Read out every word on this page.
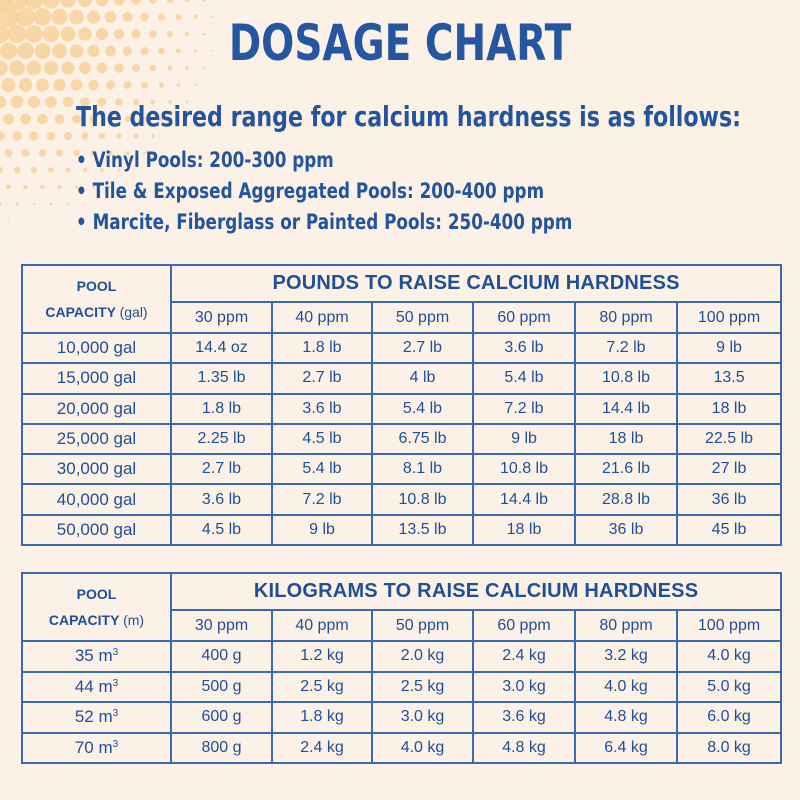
DOSAGE CHART
The desired range for calcium hardness is as follows:
• Vinyl Pools: 200-300 ppm
• Tile & Exposed Aggregated Pools: 200-400 ppm
• Marcite, Fiberglass or Painted Pools: 250-400 ppm
POOL
CAPACITY (gal)	POUNDS TO RAISE CALCIUM HARDNESS					
	30 ppm	40 ppm	50 ppm	60 ppm	80 ppm	100 ppm
10,000 gal	14.4 oz	1.8 lb	2.7 lb	3.6 lb	7.2 lb	9 lb
15,000 gal	1.35 lb	2.7 lb	4 lb	5.4 lb	10.8 lb	13.5
20,000 gal	1.8 lb	3.6 lb	5.4 lb	7.2 lb	14.4 lb	18 lb
25,000 gal	2.25 lb	4.5 lb	6.75 lb	9 lb	18 lb	22.5 lb
30,000 gal	2.7 lb	5.4 lb	8.1 lb	10.8 lb	21.6 lb	27 lb
40,000 gal	3.6 lb	7.2 lb	10.8 lb	14.4 lb	28.8 lb	36 lb
50,000 gal	4.5 lb	9 lb	13.5 lb	18 lb	36 lb	45 lb
POOL
CAPACITY (m)	KILOGRAMS TO RAISE CALCIUM HARDNESS					
	30 ppm	40 ppm	50 ppm	60 ppm	80 ppm	100 ppm
35 $m^3$	400 g	1.2 kg	2.0 kg	2.4 kg	3.2 kg	4.0 kg
44 $m^3$	500 g	2.5 kg	2.5 kg	3.0 kg	4.0 kg	5.0 kg
52 $m^3$	600 g	1.8 kg	3.0 kg	3.6 kg	4.8 kg	6.0 kg
70 $m^3$	800 g	2.4 kg	4.0 kg	4.8 kg	6.4 kg	8.0 kg
